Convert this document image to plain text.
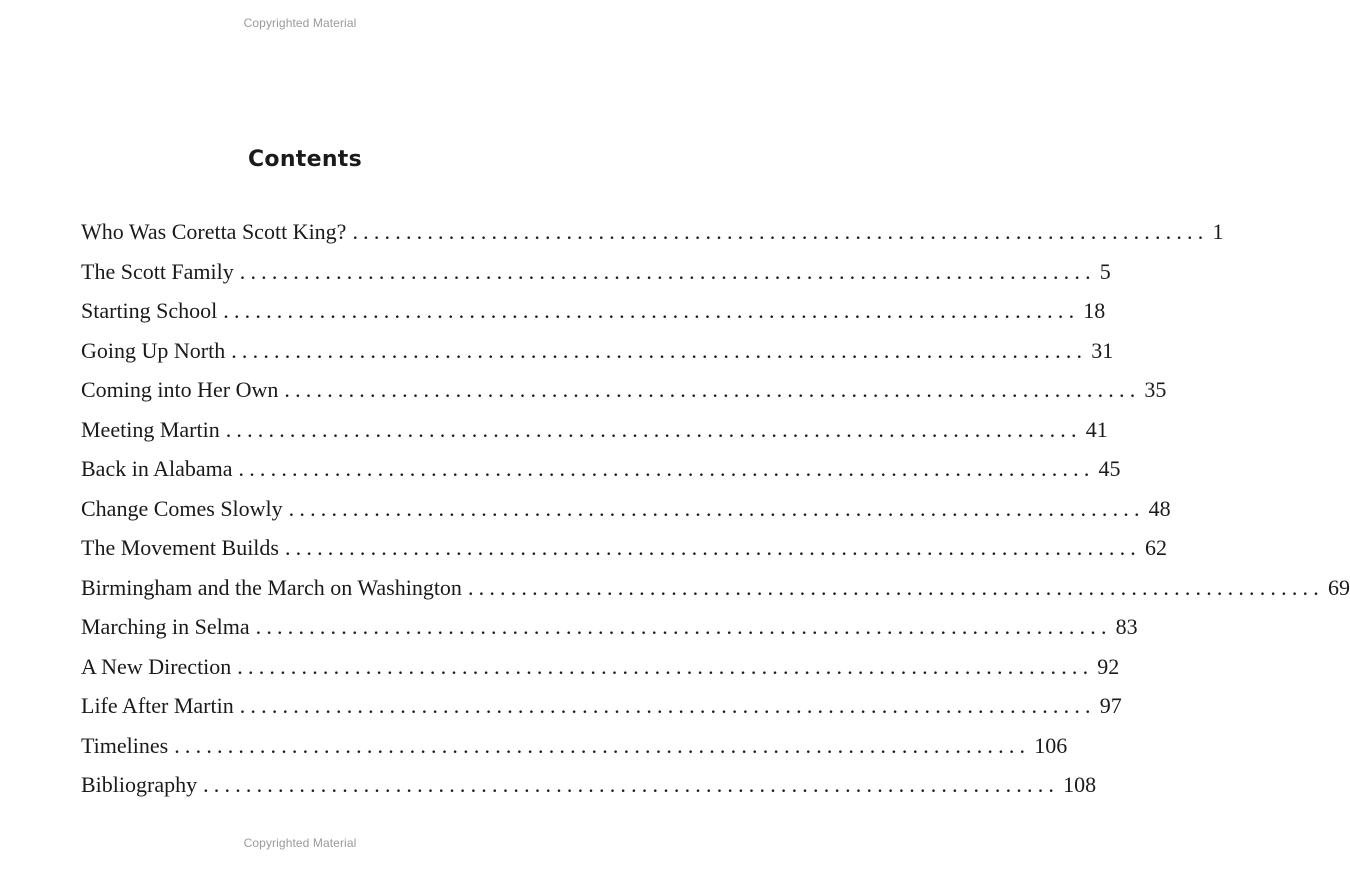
Copyrighted Material
Contents
Who Was Coretta Scott King? ................................................................................ 1
The Scott Family ................................................................................ 5
Starting School ................................................................................ 18
Going Up North ................................................................................ 31
Coming into Her Own ................................................................................ 35
Meeting Martin ................................................................................ 41
Back in Alabama ................................................................................ 45
Change Comes Slowly ................................................................................ 48
The Movement Builds ................................................................................ 62
Birmingham and the March on Washington ................................................................................ 69
Marching in Selma ................................................................................ 83
A New Direction ................................................................................ 92
Life After Martin ................................................................................ 97
Timelines ................................................................................ 106
Bibliography ................................................................................ 108
Copyrighted Material
